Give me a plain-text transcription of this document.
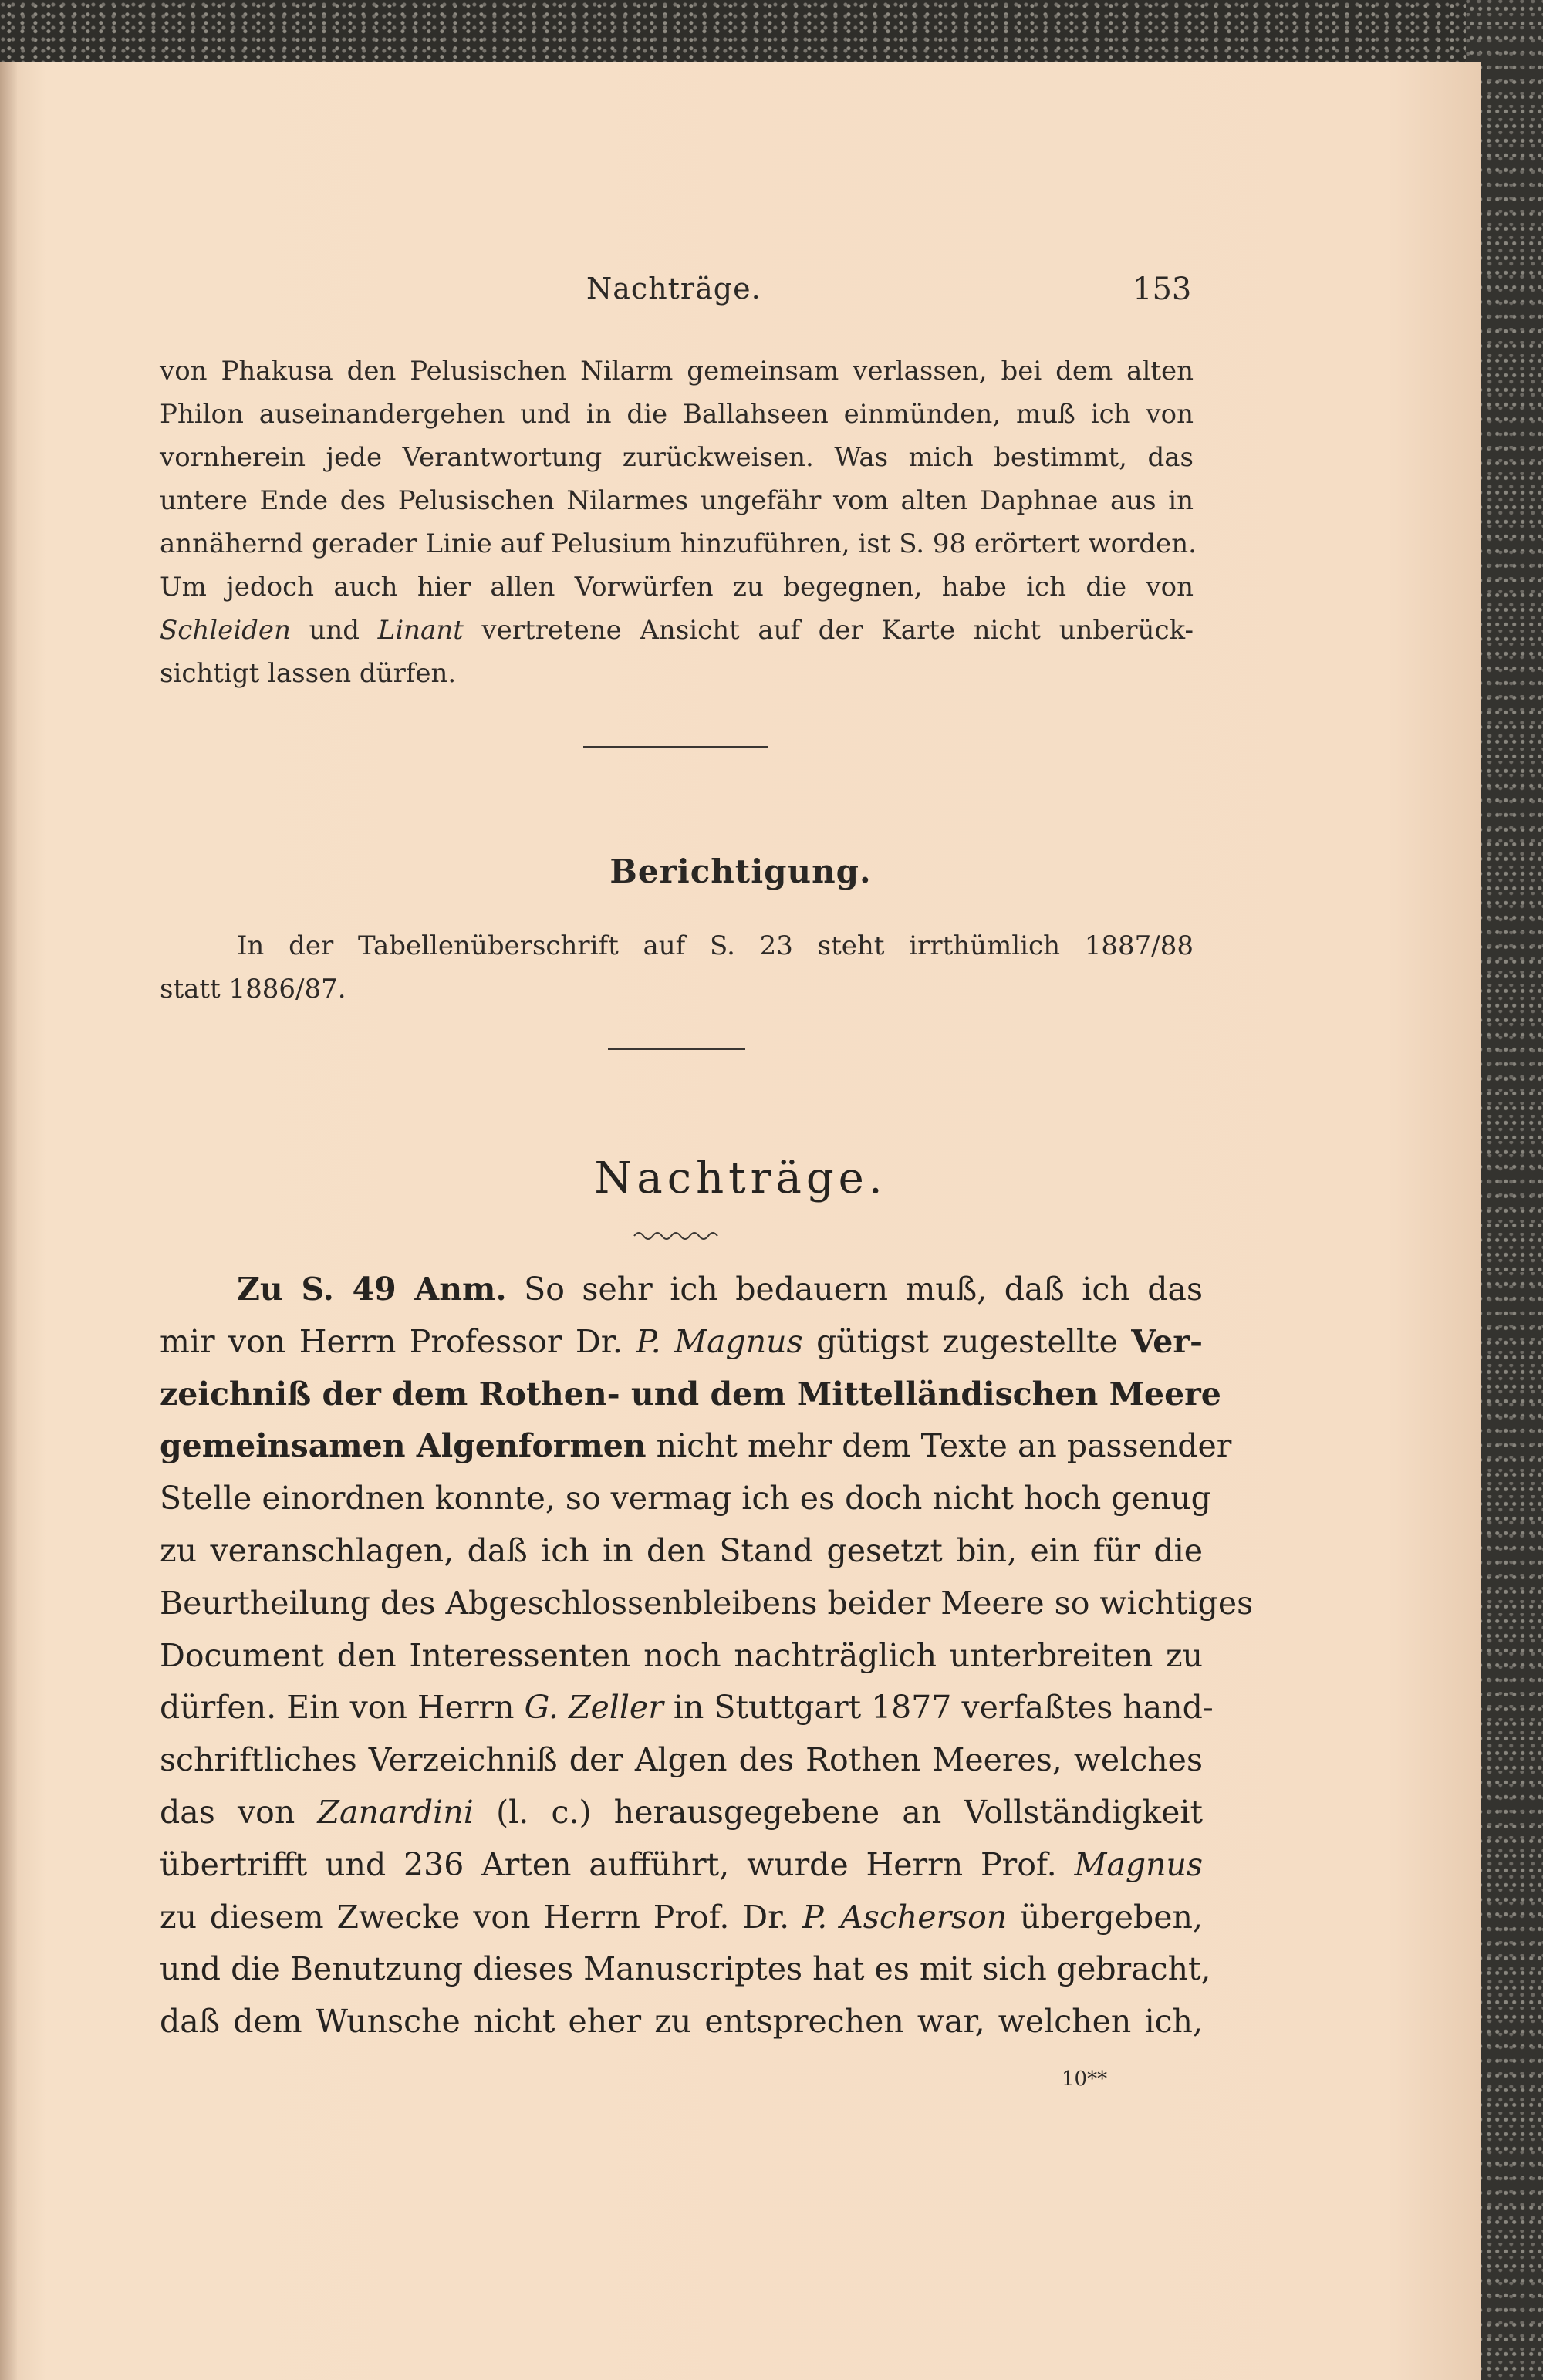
Nachträge.	153
von Phakusa den Pelusischen Nilarm gemeinsam verlassen, bei dem alten
Philon auseinandergehen und in die Ballahseen einmünden, muß ich von
vornherein jede Verantwortung zurückweisen. Was mich bestimmt, das
untere Ende des Pelusischen Nilarmes ungefähr vom alten Daphnae aus in
annähernd gerader Linie auf Pelusium hinzuführen, ist S. 98 erörtert worden.
Um jedoch auch hier allen Vorwürfen zu begegnen, habe ich die von
Schleiden und Linant vertretene Ansicht auf der Karte nicht unberück-
sichtigt lassen dürfen.
Berichtigung.
In der Tabellenüberschrift auf S. 23 steht irrthümlich 1887/88
statt 1886/87.
Nachträge.
Zu S. 49 Anm. So sehr ich bedauern muß, daß ich das
mir von Herrn Professor Dr. P. Magnus gütigst zugestellte Ver-
zeichniß der dem Rothen- und dem Mittelländischen Meere
gemeinsamen Algenformen nicht mehr dem Texte an passender
Stelle einordnen konnte, so vermag ich es doch nicht hoch genug
zu veranschlagen, daß ich in den Stand gesetzt bin, ein für die
Beurtheilung des Abgeschlossenbleibens beider Meere so wichtiges
Document den Interessenten noch nachträglich unterbreiten zu
dürfen. Ein von Herrn G. Zeller in Stuttgart 1877 verfaßtes hand-
schriftliches Verzeichniß der Algen des Rothen Meeres, welches
das von Zanardini (l. c.) herausgegebene an Vollständigkeit
übertrifft und 236 Arten aufführt, wurde Herrn Prof. Magnus
zu diesem Zwecke von Herrn Prof. Dr. P. Ascherson übergeben,
und die Benutzung dieses Manuscriptes hat es mit sich gebracht,
daß dem Wunsche nicht eher zu entsprechen war, welchen ich,
10**
